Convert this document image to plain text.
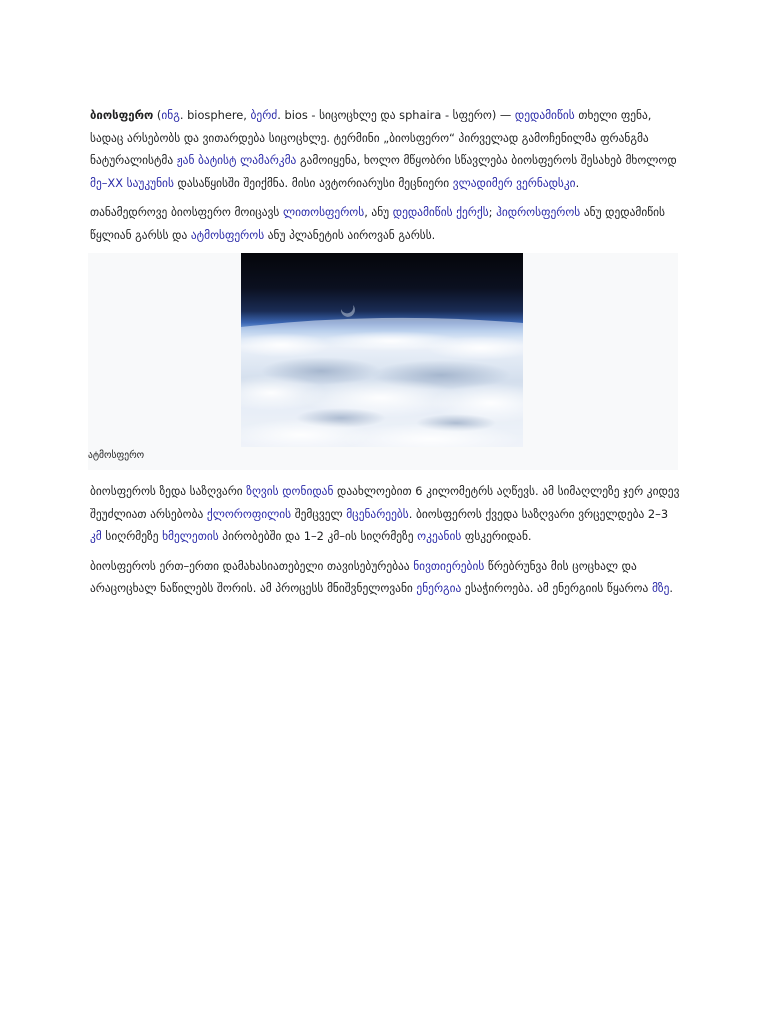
ბიოსფერო (ინგ. biosphere, ბერძ. bios - სიცოცხლე და sphaira - სფერო) — დედამიწის თხელი ფენა, სადაც არსებობს და ვითარდება სიცოცხლე. ტერმინი „ბიოსფერო“ პირველად გამოჩენილმა ფრანგმა ნატურალისტმა ჟან ბატისტ ლამარკმა გამოიყენა, ხოლო მწყობრი სწავლება ბიოსფეროს შესახებ მხოლოდ მე–XX საუკუნის დასაწყისში შეიქმნა. მისი ავტორიარუსი მეცნიერი ვლადიმერ ვერნადსკი.

თანამედროვე ბიოსფერო მოიცავს ლითოსფეროს, ანუ დედამიწის ქერქს; ჰიდროსფეროს ანუ დედამიწის წყლიან გარსს და ატმოსფეროს ანუ პლანეტის აიროვან გარსს.

ატმოსფერო

ბიოსფეროს ზედა საზღვარი ზღვის დონიდან დაახლოებით 6 კილომეტრს აღწევს. ამ სიმაღლეზე ჯერ კიდევ შეუძლიათ არსებობა ქლოროფილის შემცველ მცენარეებს. ბიოსფეროს ქვედა საზღვარი ვრცელდება 2–3 კმ სიღრმეზე ხმელეთის პირობებში და 1–2 კმ–ის სიღრმეზე ოკეანის ფსკერიდან.

ბიოსფეროს ერთ–ერთი დამახასიათებელი თავისებურებაა ნივთიერების წრებრუნვა მის ცოცხალ და არაცოცხალ ნაწილებს შორის. ამ პროცესს მნიშვნელოვანი ენერგია ესაჭიროება. ამ ენერგიის წყაროა მზე.
